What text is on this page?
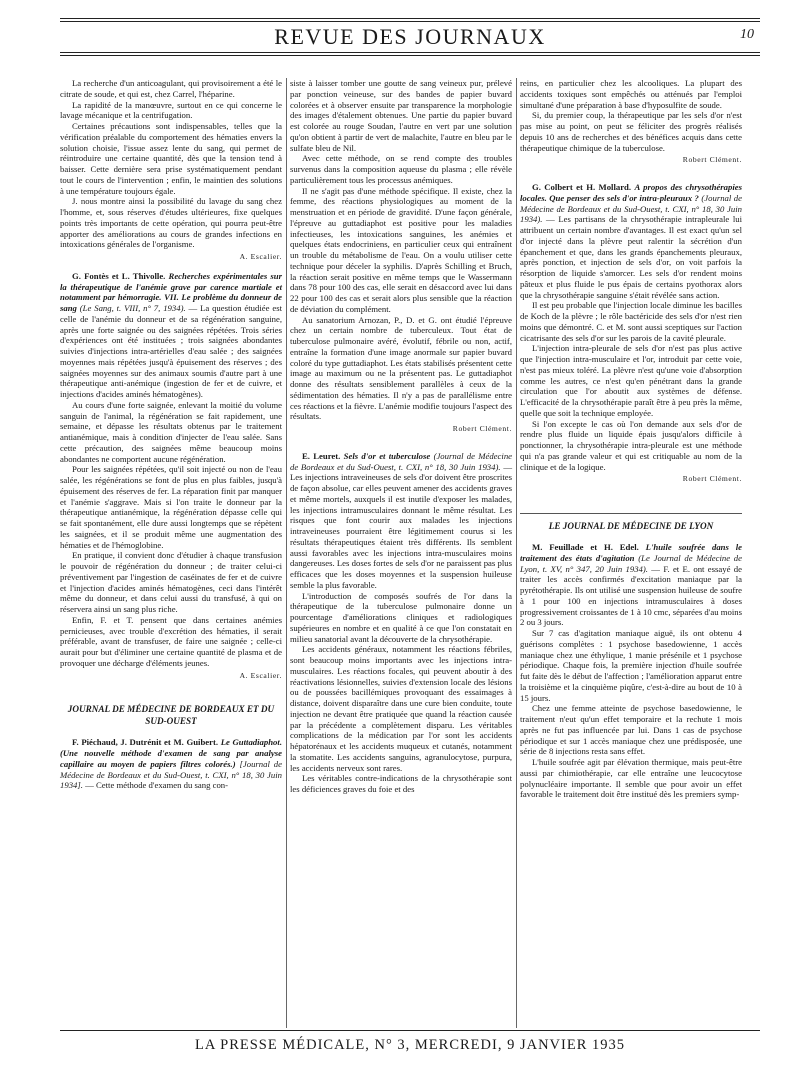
REVUE DES JOURNAUX	10

La recherche d'un anticoagulant, qui provisoirement a été le citrate de soude, et qui est, chez Carrel, l'héparine.

La rapidité de la manœuvre, surtout en ce qui concerne le lavage mécanique et la centrifugation.

Certaines précautions sont indispensables, telles que la vérification préalable du comportement des hématies envers la solution choisie, l'issue assez lente du sang, qui permet de réintroduire une certaine quantité, dès que la tension tend à baisser. Cette dernière sera prise systématiquement pendant tout le cours de l'intervention ; enfin, le maintien des solutions à une température toujours égale.

J. nous montre ainsi la possibilité du lavage du sang chez l'homme, et, sous réserves d'études ultérieures, fixe quelques points très importants de cette opération, qui pourra peut-être apporter des améliorations au cours de grandes infections en intoxications générales de l'organisme.

A. Escalier.

G. Fontès et L. Thivolle. Recherches expérimentales sur la thérapeutique de l'anémie grave par carence martiale et notamment par hémorragie. VII. Le problème du donneur de sang (Le Sang, t. VIII, n° 7, 1934). — La question étudiée est celle de l'anémie du donneur et de sa régénération sanguine, après une forte saignée ou des saignées répétées. Trois séries d'expériences ont été instituées ; trois saignées abondantes suivies d'injections intra-artérielles d'eau salée ; des saignées moyennes mais répétées jusqu'à épuisement des réserves ; des saignées moyennes sur des animaux soumis d'autre part à une thérapeutique anti-anémique (ingestion de fer et de cuivre, et injections d'acides aminés hématogènes).

Au cours d'une forte saignée, enlevant la moitié du volume sanguin de l'animal, la régénération se fait rapidement, une semaine, et dépasse les résultats obtenus par le traitement antianémique, mais à condition d'injecter de l'eau salée. Sans cette précaution, des saignées même beaucoup moins abondantes ne comportent aucune régénération.

Pour les saignées répétées, qu'il soit injecté ou non de l'eau salée, les régénérations se font de plus en plus faibles, jusqu'à épuisement des réserves de fer. La réparation finit par manquer et l'anémie s'aggrave. Mais si l'on traite le donneur par la thérapeutique antianémique, la régénération dépasse celle qui se fait spontanément, elle dure aussi longtemps que se répètent les saignées, et il se produit même une augmentation des hématies et de l'hémoglobine.

En pratique, il convient donc d'étudier à chaque transfusion le pouvoir de régénération du donneur ; de traiter celui-ci préventivement par l'ingestion de caséinates de fer et de cuivre et l'injection d'acides aminés hématogènes, ceci dans l'intérêt même du donneur, et dans celui aussi du transfusé, à qui on réservera ainsi un sang plus riche.

Enfin, F. et T. pensent que dans certaines anémies pernicieuses, avec trouble d'excrétion des hématies, il serait préférable, avant de transfuser, de faire une saignée ; celle-ci aurait pour but d'éliminer une certaine quantité de plasma et de provoquer une décharge d'éléments jeunes.

A. Escalier.
JOURNAL DE MÉDECINE DE BORDEAUX ET DU SUD-OUEST

F. Piéchaud, J. Dutrénit et M. Guibert. Le Guttadiaphot. (Une nouvelle méthode d'examen de sang par analyse capillaire au moyen de papiers filtres colorés.) [Journal de Médecine de Bordeaux et du Sud-Ouest, t. CXI, n° 18, 30 Juin 1934]. — Cette méthode d'examen du sang con-

siste à laisser tomber une goutte de sang veineux pur, prélevé par ponction veineuse, sur des bandes de papier buvard colorées et à observer ensuite par transparence la morphologie des images d'étalement obtenues. Une partie du papier buvard est colorée au rouge Soudan, l'autre en vert par une solution qu'on obtient à partir de vert de malachite, l'autre en bleu par le sulfate bleu de Nil.

Avec cette méthode, on se rend compte des troubles survenus dans la composition aqueuse du plasma ; elle révèle particulièrement tous les processus anémiques.

Il ne s'agit pas d'une méthode spécifique. Il existe, chez la femme, des réactions physiologiques au moment de la menstruation et en période de gravidité. D'une façon générale, l'épreuve au guttadiaphot est positive pour les maladies infectieuses, les intoxications sanguines, les anémies et quelques états endocriniens, en particulier ceux qui entraînent un trouble du métabolisme de l'eau. On a voulu utiliser cette technique pour déceler la syphilis. D'après Schilling et Bruch, la réaction serait positive en même temps que le Wassermann dans 78 pour 100 des cas, elle serait en désaccord avec lui dans 22 pour 100 des cas et serait alors plus sensible que la réaction de déviation du complément.

Au sanatorium Arnozan, P., D. et G. ont étudié l'épreuve chez un certain nombre de tuberculeux. Tout état de tuberculose pulmonaire avéré, évolutif, fébrile ou non, actif, entraîne la formation d'une image anormale sur papier buvard coloré du type guttadiaphot. Les états stabilisés présentent cette image au maximum ou ne la présentent pas. Le guttadiaphot donne des résultats sensiblement parallèles à ceux de la sédimentation des hématies. Il n'y a pas de parallélisme entre ces réactions et la fièvre. L'anémie modifie toujours l'aspect des résultats.

Robert Clément.

E. Leuret. Sels d'or et tuberculose (Journal de Médecine de Bordeaux et du Sud-Ouest, t. CXI, n° 18, 30 Juin 1934). — Les injections intraveineuses de sels d'or doivent être proscrites de façon absolue, car elles peuvent amener des accidents graves et même mortels, auxquels il est inutile d'exposer les malades, les injections intramusculaires donnant le même résultat. Les risques que font courir aux malades les injections intraveineuses pourraient être légitimement courus si les résultats thérapeutiques étaient très différents. Ils semblent aussi favorables avec les injections intra-musculaires moins dangereuses. Les doses fortes de sels d'or ne paraissent pas plus efficaces que les doses moyennes et la suspension huileuse semble la plus favorable.

L'introduction de composés soufrés de l'or dans la thérapeutique de la tuberculose pulmonaire donne un pourcentage d'améliorations cliniques et radiologiques supérieures en nombre et en qualité à ce que l'on constatait en milieu sanatorial avant la découverte de la chrysothérapie.

Les accidents généraux, notamment les réactions fébriles, sont beaucoup moins importants avec les injections intra-musculaires. Les réactions focales, qui peuvent aboutir à des réactivations lésionnelles, suivies d'extension locale des lésions ou de poussées bacillémiques provoquant des essaimages à distance, doivent disparaître dans une cure bien conduite, toute injection ne devant être pratiquée que quand la réaction causée par la précédente a complètement disparu. Les véritables complications de la médication par l'or sont les accidents hépatorénaux et les accidents muqueux et cutanés, notamment la stomatite. Les accidents sanguins, agranulocytose, purpura, les accidents nerveux sont rares.

Les véritables contre-indications de la chrysothérapie sont les déficiences graves du foie et des

reins, en particulier chez les alcooliques. La plupart des accidents toxiques sont empêchés ou atténués par l'emploi simultané d'une préparation à base d'hyposulfite de soude.

Si, du premier coup, la thérapeutique par les sels d'or n'est pas mise au point, on peut se féliciter des progrès réalisés depuis 10 ans de recherches et des bénéfices acquis dans cette thérapeutique chimique de la tuberculose.

Robert Clément.

G. Colbert et H. Mollard. A propos des chrysothérapies locales. Que penser des sels d'or intra-pleuraux ? (Journal de Médecine de Bordeaux et du Sud-Ouest, t. CXI, n° 18, 30 Juin 1934). — Les partisans de la chrysothérapie intrapleurale lui attribuent un certain nombre d'avantages. Il est exact qu'un sel d'or injecté dans la plèvre peut ralentir la sécrétion d'un épanchement et que, dans les grands épanchements pleuraux, après ponction, et injection de sels d'or, on voit parfois la résorption de liquide s'amorcer. Les sels d'or rendent moins pâteux et plus fluide le pus épais de certains pyothorax alors que la chrysothérapie sanguine s'était révélée sans action.

Il est peu probable que l'injection locale diminue les bacilles de Koch de la plèvre ; le rôle bactéricide des sels d'or n'est rien moins que démontré. C. et M. sont aussi sceptiques sur l'action cicatrisante des sels d'or sur les parois de la cavité pleurale.

L'injection intra-pleurale de sels d'or n'est pas plus active que l'injection intra-musculaire et l'or, introduit par cette voie, n'est pas mieux toléré. La plèvre n'est qu'une voie d'absorption comme les autres, ce n'est qu'en pénétrant dans la grande circulation que l'or aboutit aux systèmes de défense. L'efficacité de la chrysothérapie paraît être à peu près la même, quelle que soit la technique employée.

Si l'on excepte le cas où l'on demande aux sels d'or de rendre plus fluide un liquide épais jusqu'alors difficile à ponctionner, la chrysothérapie intra-pleurale est une méthode qui n'a pas grande valeur et qui est critiquable au nom de la clinique et de la logique.

Robert Clément.
LE JOURNAL DE MÉDECINE DE LYON

M. Feuillade et H. Edel. L'huile soufrée dans le traitement des états d'agitation (Le Journal de Médecine de Lyon, t. XV, n° 347, 20 Juin 1934). — F. et E. ont essayé de traiter les accès confirmés d'excitation maniaque par la pyrétothérapie. Ils ont utilisé une suspension huileuse de soufre à 1 pour 100 en injections intramusculaires à doses progressivement croissantes de 1 à 10 cmc, séparées d'au moins 2 ou 3 jours.

Sur 7 cas d'agitation maniaque aiguë, ils ont obtenu 4 guérisons complètes : 1 psychose basedowienne, 1 accès maniaque chez une éthylique, 1 manie présénile et 1 psychose périodique. Chaque fois, la première injection d'huile soufrée fut faite dès le début de l'affection ; l'amélioration apparut entre la troisième et la cinquième piqûre, c'est-à-dire au bout de 10 à 15 jours.

Chez une femme atteinte de psychose basedowienne, le traitement n'eut qu'un effet temporaire et la rechute 1 mois après ne fut pas influencée par lui. Dans 1 cas de psychose périodique et sur 1 accès maniaque chez une prédisposée, une série de 8 injections resta sans effet.

L'huile soufrée agit par élévation thermique, mais peut-être aussi par chimiothérapie, car elle entraîne une leucocytose polynucléaire importante. Il semble que pour avoir un effet favorable le traitement doit être institué dès les premiers symp-

LA PRESSE MÉDICALE, N° 3, MERCREDI, 9 JANVIER 1935
